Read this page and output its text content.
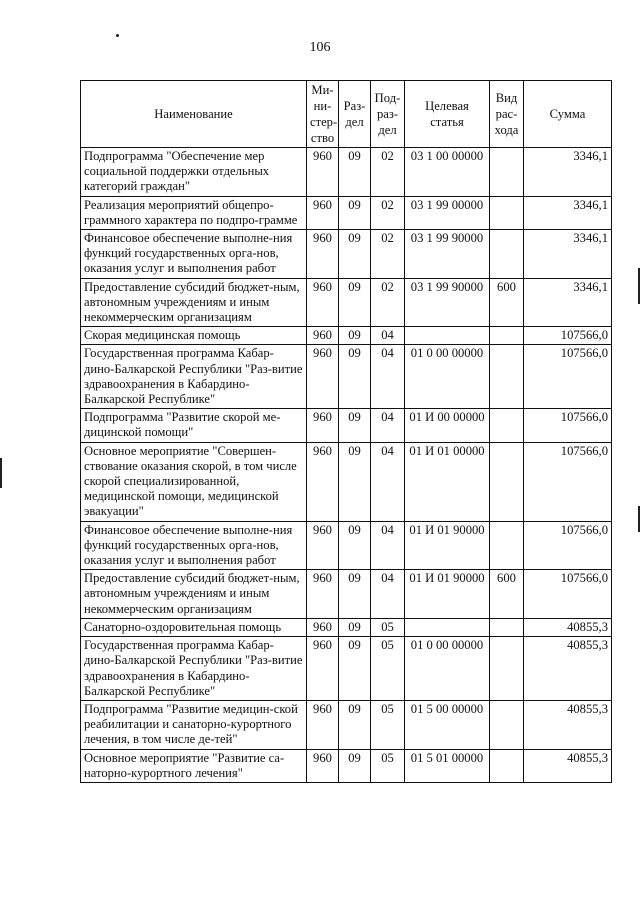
106
Наименование	Ми-
ни-
стер-
ство	Раз-
дел	Под-
раз-
дел	Целевая
статья	Вид
рас-
хода	Сумма
Подпрограмма "Обеспечение мер социальной поддержки отдельных категорий граждан"	960	09	02	03 1 00 00000		3346,1
Реализация мероприятий общепро-граммного характера по подпро-грамме	960	09	02	03 1 99 00000		3346,1
Финансовое обеспечение выполне-ния функций государственных орга-нов, оказания услуг и выполнения работ	960	09	02	03 1 99 90000		3346,1
Предоставление субсидий бюджет-ным, автономным учреждениям и иным некоммерческим организациям	960	09	02	03 1 99 90000	600	3346,1
Скорая медицинская помощь	960	09	04			107566,0
Государственная программа Кабар-дино-Балкарской Республики "Раз-витие здравоохранения в Кабардино-Балкарской Республике"	960	09	04	01 0 00 00000		107566,0
Подпрограмма "Развитие скорой ме-дицинской помощи"	960	09	04	01 И 00 00000		107566,0
Основное мероприятие "Совершен-ствование оказания скорой, в том числе скорой специализированной, медицинской помощи, медицинской эвакуации"	960	09	04	01 И 01 00000		107566,0
Финансовое обеспечение выполне-ния функций государственных орга-нов, оказания услуг и выполнения работ	960	09	04	01 И 01 90000		107566,0
Предоставление субсидий бюджет-ным, автономным учреждениям и иным некоммерческим организациям	960	09	04	01 И 01 90000	600	107566,0
Санаторно-оздоровительная помощь	960	09	05			40855,3
Государственная программа Кабар-дино-Балкарской Республики "Раз-витие здравоохранения в Кабардино-Балкарской Республике"	960	09	05	01 0 00 00000		40855,3
Подпрограмма "Развитие медицин-ской реабилитации и санаторно-курортного лечения, в том числе де-тей"	960	09	05	01 5 00 00000		40855,3
Основное мероприятие "Развитие са-наторно-курортного лечения"	960	09	05	01 5 01 00000		40855,3
